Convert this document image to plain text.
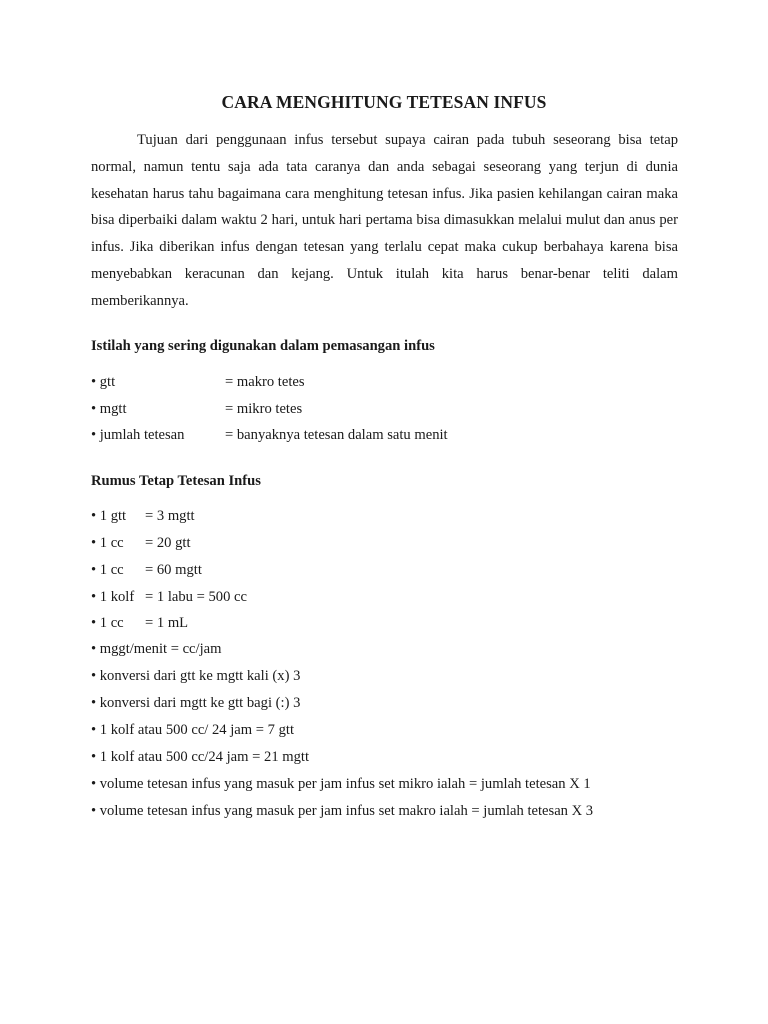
CARA MENGHITUNG TETESAN INFUS

Tujuan dari penggunaan infus tersebut supaya cairan pada tubuh seseorang bisa tetap normal, namun tentu saja ada tata caranya dan anda sebagai seseorang yang terjun di dunia kesehatan harus tahu bagaimana cara menghitung tetesan infus. Jika pasien kehilangan cairan maka bisa diperbaiki dalam waktu 2 hari, untuk hari pertama bisa dimasukkan melalui mulut dan anus per infus. Jika diberikan infus dengan tetesan yang terlalu cepat maka cukup berbahaya karena bisa menyebabkan keracunan dan kejang. Untuk itulah kita harus benar-benar teliti dalam memberikannya.

Istilah yang sering digunakan dalam pemasangan infus
• gtt	= makro tetes
• mgtt	= mikro tetes
• jumlah tetesan	= banyaknya tetesan dalam satu menit
Rumus Tetap Tetesan Infus
• 1 gtt = 3 mgtt
• 1 cc = 20 gtt
• 1 cc = 60 mgtt
• 1 kolf = 1 labu = 500 cc
• 1 cc = 1 mL
• mggt/menit = cc/jam
• konversi dari gtt ke mgtt kali (x) 3
• konversi dari mgtt ke gtt bagi (:) 3
• 1 kolf atau 500 cc/ 24 jam = 7 gtt
• 1 kolf atau 500 cc/24 jam = 21 mgtt
• volume tetesan infus yang masuk per jam infus set mikro ialah = jumlah tetesan X 1
• volume tetesan infus yang masuk per jam infus set makro ialah = jumlah tetesan X 3
